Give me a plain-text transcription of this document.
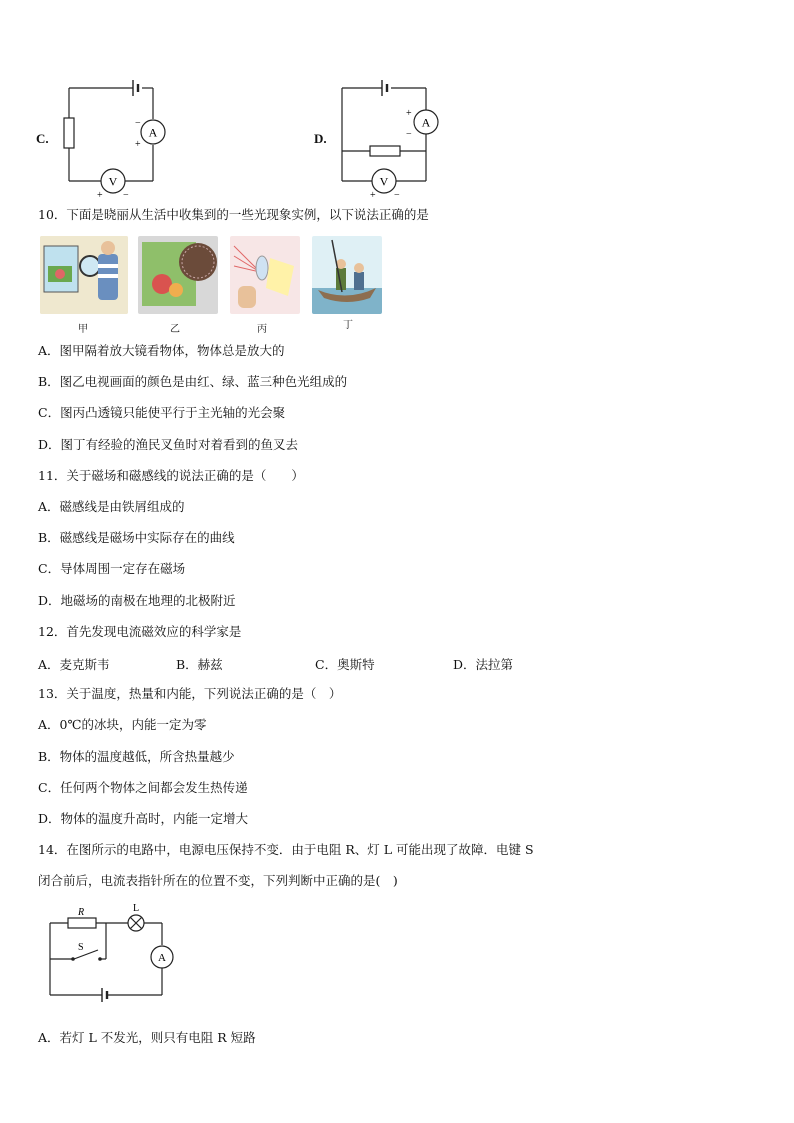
C.	A
−
+
V
+ −
D.
A
+
−
V
+ −
10．下面是晓丽从生活中收集到的一些光现象实例，以下说法正确的是
甲	乙	丙	丁
A．图甲隔着放大镜看物体，物体总是放大的
B．图乙电视画面的颜色是由红、绿、蓝三种色光组成的
C．图丙凸透镜只能使平行于主光轴的光会聚
D．图丁有经验的渔民叉鱼时对着看到的鱼叉去
11．关于磁场和磁感线的说法正确的是（　　）
A．磁感线是由铁屑组成的
B．磁感线是磁场中实际存在的曲线
C．导体周围一定存在磁场
D．地磁场的南极在地理的北极附近
12．首先发现电流磁效应的科学家是
A．麦克斯韦	B．赫兹	C．奥斯特	D．法拉第
13．关于温度，热量和内能，下列说法正确的是（　）
A．0℃的冰块，内能一定为零
B．物体的温度越低，所含热量越少
C．任何两个物体之间都会发生热传递
D．物体的温度升高时，内能一定增大
14．在图所示的电路中，电源电压保持不变．由于电阻 R、灯 L 可能出现了故障．电键 S
闭合前后，电流表指针所在的位置不变，下列判断中正确的是(　)
R	L
A
S
A．若灯 L 不发光，则只有电阻 R 短路
